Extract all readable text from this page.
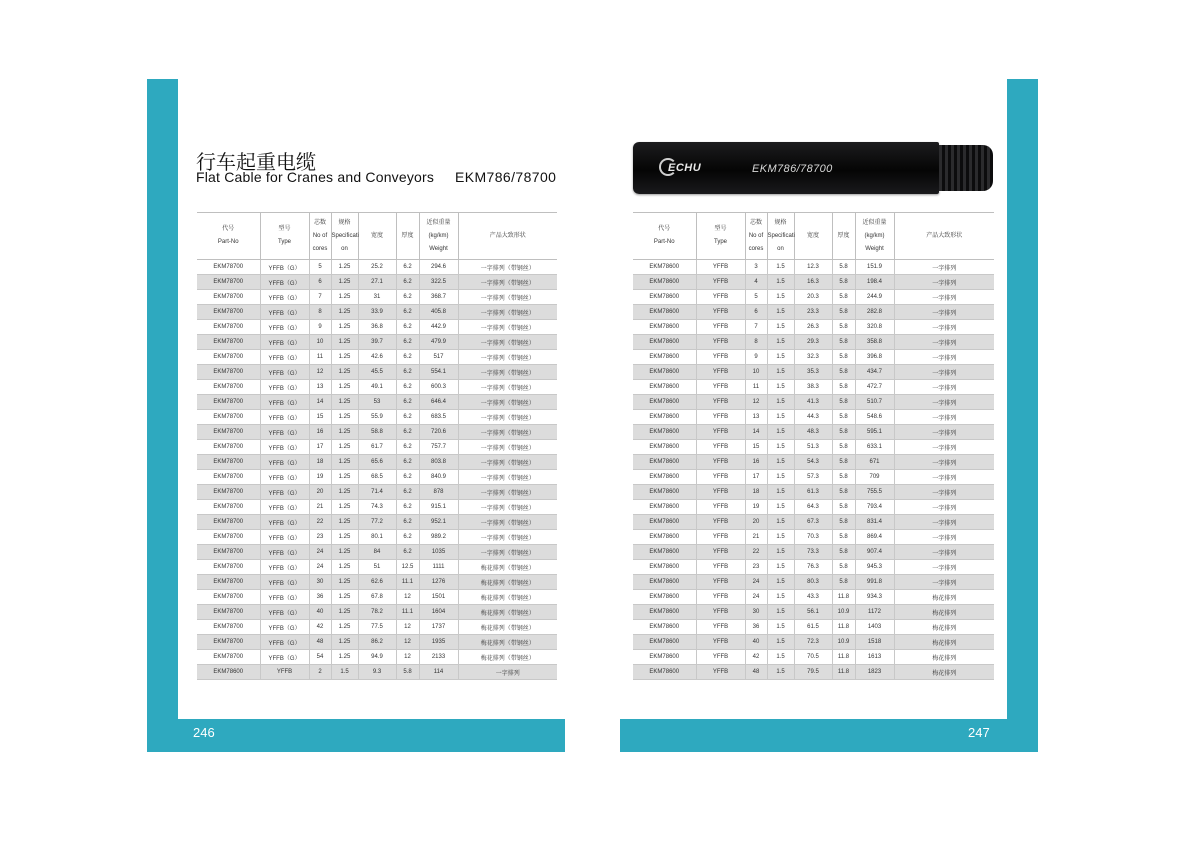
246	247
行车起重电缆
Flat Cable for Cranes and Conveyors EKM786/78700
ECHU	EKM786/78700
代号
Part-No	型号
Type	芯数
No of
cores	规格
Specificati
on	宽度	厚度	近似重量
(kg/km)
Weight	产品大致形状
EKM78700	YFFB（G）	5	1.25	25.2	6.2	294.6	一字排列（带钢丝）
EKM78700	YFFB（G）	6	1.25	27.1	6.2	322.5	一字排列（带钢丝）
EKM78700	YFFB（G）	7	1.25	31	6.2	368.7	一字排列（带钢丝）
EKM78700	YFFB（G）	8	1.25	33.9	6.2	405.8	一字排列（带钢丝）
EKM78700	YFFB（G）	9	1.25	36.8	6.2	442.9	一字排列（带钢丝）
EKM78700	YFFB（G）	10	1.25	39.7	6.2	479.9	一字排列（带钢丝）
EKM78700	YFFB（G）	11	1.25	42.6	6.2	517	一字排列（带钢丝）
EKM78700	YFFB（G）	12	1.25	45.5	6.2	554.1	一字排列（带钢丝）
EKM78700	YFFB（G）	13	1.25	49.1	6.2	600.3	一字排列（带钢丝）
EKM78700	YFFB（G）	14	1.25	53	6.2	646.4	一字排列（带钢丝）
EKM78700	YFFB（G）	15	1.25	55.9	6.2	683.5	一字排列（带钢丝）
EKM78700	YFFB（G）	16	1.25	58.8	6.2	720.6	一字排列（带钢丝）
EKM78700	YFFB（G）	17	1.25	61.7	6.2	757.7	一字排列（带钢丝）
EKM78700	YFFB（G）	18	1.25	65.6	6.2	803.8	一字排列（带钢丝）
EKM78700	YFFB（G）	19	1.25	68.5	6.2	840.9	一字排列（带钢丝）
EKM78700	YFFB（G）	20	1.25	71.4	6.2	878	一字排列（带钢丝）
EKM78700	YFFB（G）	21	1.25	74.3	6.2	915.1	一字排列（带钢丝）
EKM78700	YFFB（G）	22	1.25	77.2	6.2	952.1	一字排列（带钢丝）
EKM78700	YFFB（G）	23	1.25	80.1	6.2	989.2	一字排列（带钢丝）
EKM78700	YFFB（G）	24	1.25	84	6.2	1035	一字排列（带钢丝）
EKM78700	YFFB（G）	24	1.25	51	12.5	1111	梅花排列（带钢丝）
EKM78700	YFFB（G）	30	1.25	62.6	11.1	1276	梅花排列（带钢丝）
EKM78700	YFFB（G）	36	1.25	67.8	12	1501	梅花排列（带钢丝）
EKM78700	YFFB（G）	40	1.25	78.2	11.1	1604	梅花排列（带钢丝）
EKM78700	YFFB（G）	42	1.25	77.5	12	1737	梅花排列（带钢丝）
EKM78700	YFFB（G）	48	1.25	86.2	12	1935	梅花排列（带钢丝）
EKM78700	YFFB（G）	54	1.25	94.9	12	2133	梅花排列（带钢丝）
EKM78600	YFFB	2	1.5	9.3	5.8	114	一字排列
代号
Part-No	型号
Type	芯数
No of
cores	规格
Specificati
on	宽度	厚度	近似重量
(kg/km)
Weight	产品大致形状
EKM78600	YFFB	3	1.5	12.3	5.8	151.9	一字排列
EKM78600	YFFB	4	1.5	16.3	5.8	198.4	一字排列
EKM78600	YFFB	5	1.5	20.3	5.8	244.9	一字排列
EKM78600	YFFB	6	1.5	23.3	5.8	282.8	一字排列
EKM78600	YFFB	7	1.5	26.3	5.8	320.8	一字排列
EKM78600	YFFB	8	1.5	29.3	5.8	358.8	一字排列
EKM78600	YFFB	9	1.5	32.3	5.8	396.8	一字排列
EKM78600	YFFB	10	1.5	35.3	5.8	434.7	一字排列
EKM78600	YFFB	11	1.5	38.3	5.8	472.7	一字排列
EKM78600	YFFB	12	1.5	41.3	5.8	510.7	一字排列
EKM78600	YFFB	13	1.5	44.3	5.8	548.6	一字排列
EKM78600	YFFB	14	1.5	48.3	5.8	595.1	一字排列
EKM78600	YFFB	15	1.5	51.3	5.8	633.1	一字排列
EKM78600	YFFB	16	1.5	54.3	5.8	671	一字排列
EKM78600	YFFB	17	1.5	57.3	5.8	709	一字排列
EKM78600	YFFB	18	1.5	61.3	5.8	755.5	一字排列
EKM78600	YFFB	19	1.5	64.3	5.8	793.4	一字排列
EKM78600	YFFB	20	1.5	67.3	5.8	831.4	一字排列
EKM78600	YFFB	21	1.5	70.3	5.8	869.4	一字排列
EKM78600	YFFB	22	1.5	73.3	5.8	907.4	一字排列
EKM78600	YFFB	23	1.5	76.3	5.8	945.3	一字排列
EKM78600	YFFB	24	1.5	80.3	5.8	991.8	一字排列
EKM78600	YFFB	24	1.5	43.3	11.8	934.3	梅花排列
EKM78600	YFFB	30	1.5	56.1	10.9	1172	梅花排列
EKM78600	YFFB	36	1.5	61.5	11.8	1403	梅花排列
EKM78600	YFFB	40	1.5	72.3	10.9	1518	梅花排列
EKM78600	YFFB	42	1.5	70.5	11.8	1613	梅花排列
EKM78600	YFFB	48	1.5	79.5	11.8	1823	梅花排列
